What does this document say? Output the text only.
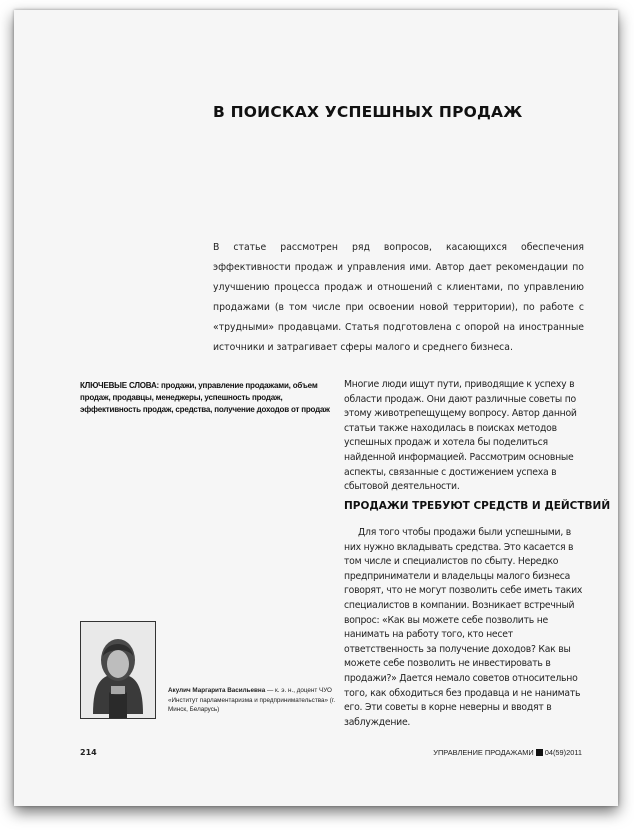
В ПОИСКАХ УСПЕШНЫХ ПРОДАЖ
В статье рассмотрен ряд вопросов, касающихся обеспечения эффективности продаж и управления ими. Автор дает рекомендации по улучшению процесса продаж и отношений с клиентами, по управлению продажами (в том числе при освоении новой территории), по работе с «трудными» продавцами. Статья подготовлена с опорой на иностранные источники и затрагивает сферы малого и среднего бизнеса.
КЛЮЧЕВЫЕ СЛОВА: продажи, управление продажами, объем продаж, продавцы, менеджеры, успешность продаж, эффективность продаж, средства, получение доходов от продаж
Многие люди ищут пути, приводящие к успеху в области продаж. Они дают различные советы по этому животрепещущему вопросу. Автор данной статьи также находилась в поисках методов успешных продаж и хотела бы поделиться найденной информацией. Рассмотрим основные аспекты, связанные с достижением успеха в сбытовой деятельности.
ПРОДАЖИ ТРЕБУЮТ СРЕДСТВ И ДЕЙСТВИЙ
Для того чтобы продажи были успешными, в них нужно вкладывать средства. Это касается в том числе и специалистов по сбыту. Нередко предприниматели и владельцы малого бизнеса говорят, что не могут позволить себе иметь таких специалистов в компании. Возникает встречный вопрос: «Как вы можете себе позволить не нанимать на работу того, кто несет ответственность за получение доходов? Как вы можете себе позволить не инвестировать в продажи?» Дается немало советов относительно того, как обходиться без продавца и не нанимать его. Эти советы в корне неверны и вводят в заблуждение.
Акулич Маргарита Васильевна — к. э. н., доцент ЧУО «Институт парламентаризма и предпринимательства» (г. Минск, Беларусь)
214	УПРАВЛЕНИЕ ПРОДАЖАМИ 04(59)2011
